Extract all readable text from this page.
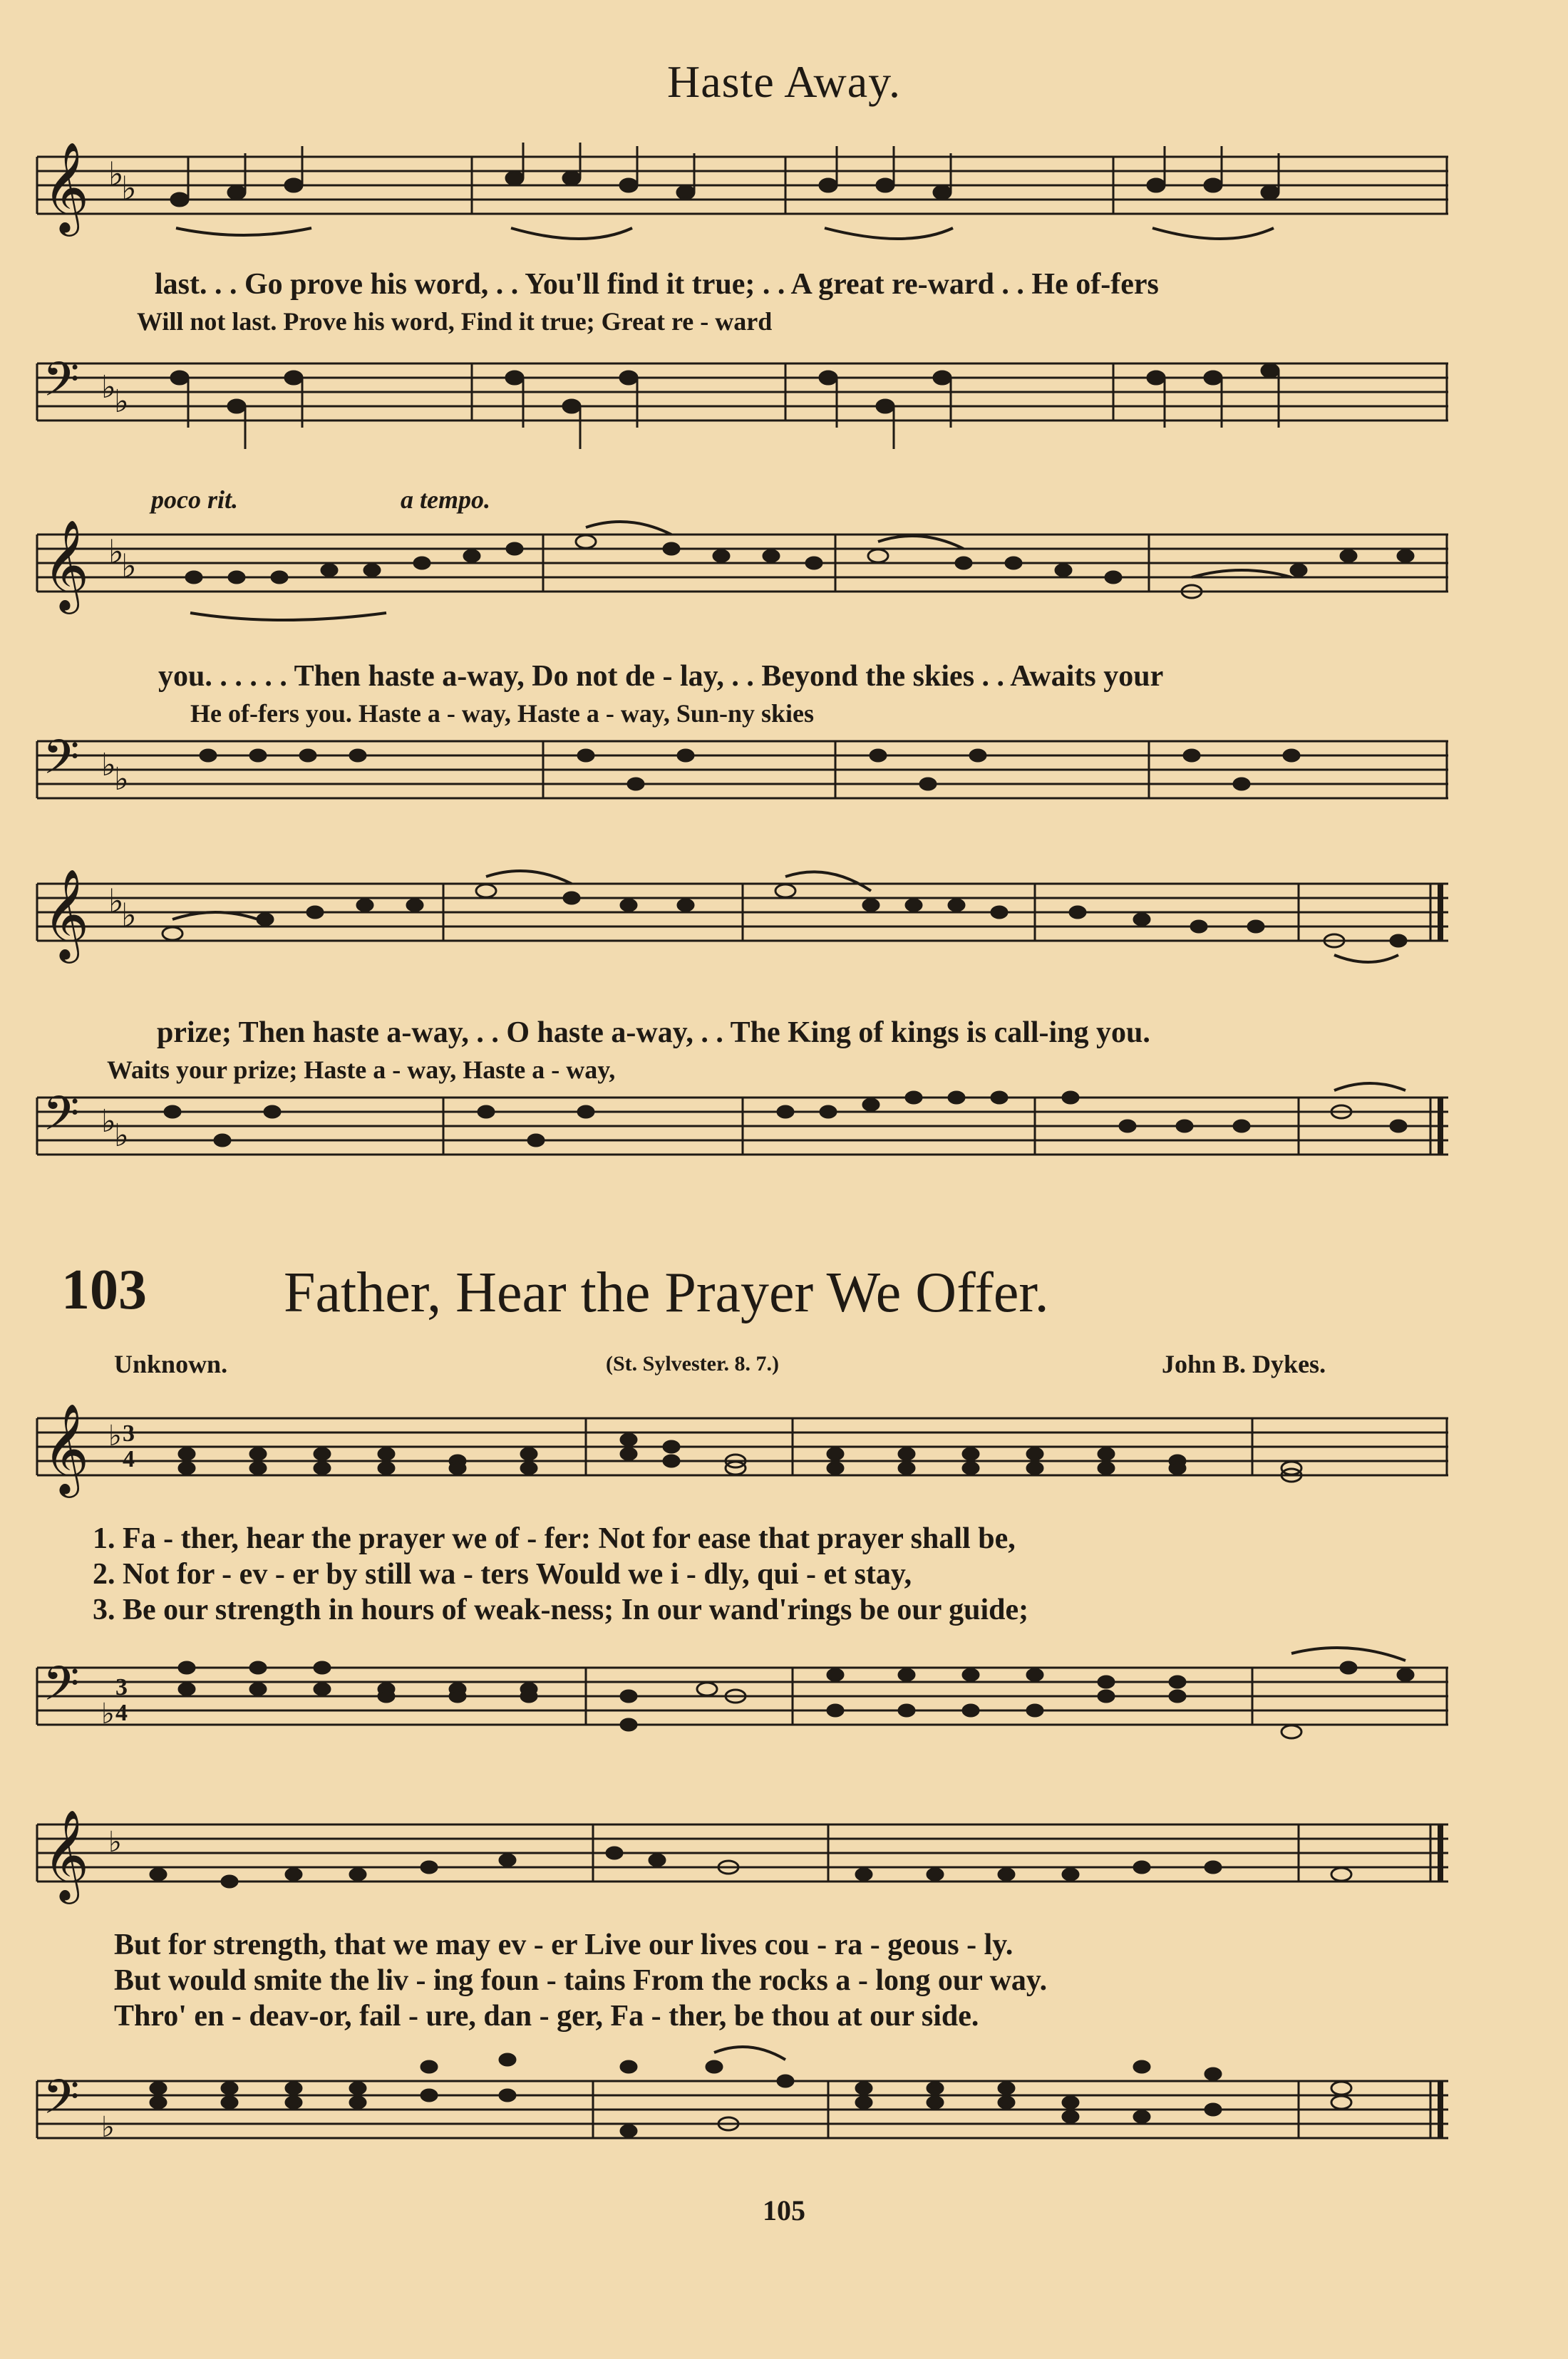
Haste Away.
𝄞 ♭
♭
last. . . Go prove his word, . . You'll find it true; . . A great re-ward . . He of-fers
Will not last. Prove his word, Find it true; Great re - ward
𝄢 ♭
♭
poco rit.	a tempo.
𝄞 ♭
♭
you. . . . . . Then haste a-way, Do not de - lay, . . Beyond the skies . . Awaits your
He of-fers you. Haste a - way, Haste a - way, Sun-ny skies
𝄢 ♭
♭
𝄞 ♭
♭
prize; Then haste a-way, . . O haste a-way, . . The King of kings is call-ing you.
Waits your prize; Haste a - way, Haste a - way,
𝄢 ♭
♭
103 Father, Hear the Prayer We Offer.
Unknown.	(St. Sylvester. 8. 7.)	John B. Dykes.
𝄞 ♭ 3
4
1. Fa - ther, hear the prayer we of - fer: Not for ease that prayer shall be,
2. Not for - ev - er by still wa - ters Would we i - dly, qui - et stay,
3. Be our strength in hours of weak-ness; In our wand'rings be our guide;
𝄢 ♭
3
4
𝄞 ♭
But for strength, that we may ev - er Live our lives cou - ra - geous - ly.
But would smite the liv - ing foun - tains From the rocks a - long our way.
Thro' en - deav-or, fail - ure, dan - ger, Fa - ther, be thou at our side.
𝄢 ♭
105
